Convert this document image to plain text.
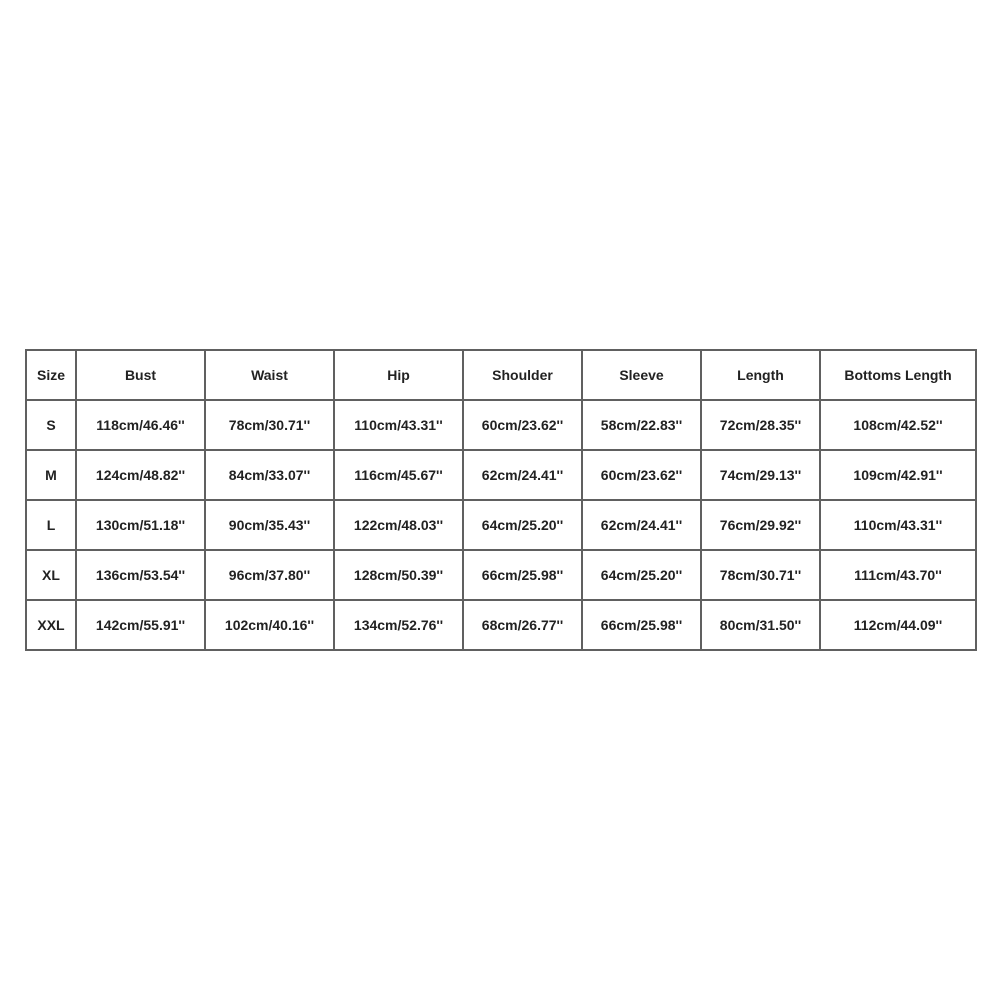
Size	Bust	Waist	Hip	Shoulder	Sleeve	Length	Bottoms Length
S	118cm/46.46''	78cm/30.71''	110cm/43.31''	60cm/23.62''	58cm/22.83''	72cm/28.35''	108cm/42.52''
M	124cm/48.82''	84cm/33.07''	116cm/45.67''	62cm/24.41''	60cm/23.62''	74cm/29.13''	109cm/42.91''
L	130cm/51.18''	90cm/35.43''	122cm/48.03''	64cm/25.20''	62cm/24.41''	76cm/29.92''	110cm/43.31''
XL	136cm/53.54''	96cm/37.80''	128cm/50.39''	66cm/25.98''	64cm/25.20''	78cm/30.71''	111cm/43.70''
XXL	142cm/55.91''	102cm/40.16''	134cm/52.76''	68cm/26.77''	66cm/25.98''	80cm/31.50''	112cm/44.09''
